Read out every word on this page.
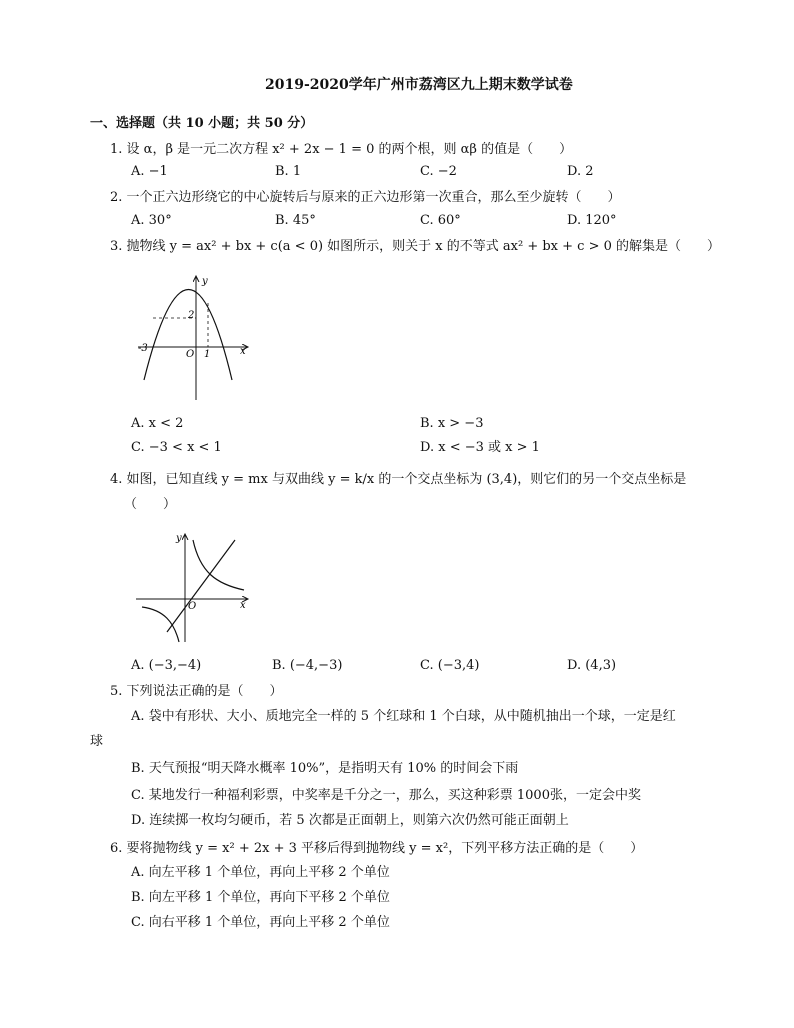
2019-2020学年广州市荔湾区九上期末数学试卷
一、选择题（共 10 小题；共 50 分）
1. 设 α，β 是一元二次方程 x² + 2x − 1 = 0 的两个根，则 αβ 的值是（　　）
A. −1	B. 1	C. −2	D. 2
2. 一个正六边形绕它的中心旋转后与原来的正六边形第一次重合，那么至少旋转（　　）
A. 30°	B. 45°	C. 60°	D. 120°
3. 抛物线 y = ax² + bx + c(a < 0) 如图所示，则关于 x 的不等式 ax² + bx + c > 0 的解集是（　　）
y
x
2
-3
O 1
A. x < 2	B. x > −3
C. −3 < x < 1	D. x < −3 或 x > 1
4. 如图，已知直线 y = mx 与双曲线 y = k/x 的一个交点坐标为 (3,4)，则它们的另一个交点坐标是
（　　）
y
x
O
A. (−3,−4)	B. (−4,−3)	C. (−3,4)	D. (4,3)
5. 下列说法正确的是（　　）
A. 袋中有形状、大小、质地完全一样的 5 个红球和 1 个白球，从中随机抽出一个球，一定是红
球
B. 天气预报“明天降水概率 10%”，是指明天有 10% 的时间会下雨
C. 某地发行一种福利彩票，中奖率是千分之一，那么，买这种彩票 1000张，一定会中奖
D. 连续掷一枚均匀硬币，若 5 次都是正面朝上，则第六次仍然可能正面朝上
6. 要将抛物线 y = x² + 2x + 3 平移后得到抛物线 y = x²，下列平移方法正确的是（　　）
A. 向左平移 1 个单位，再向上平移 2 个单位
B. 向左平移 1 个单位，再向下平移 2 个单位
C. 向右平移 1 个单位，再向上平移 2 个单位
